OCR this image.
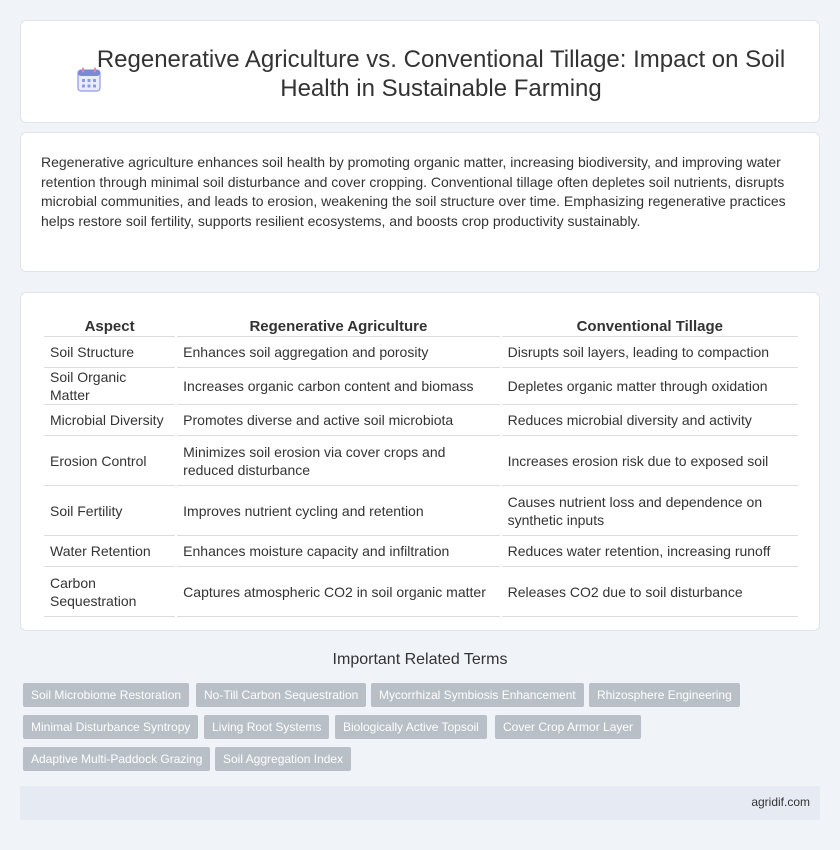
Regenerative Agriculture vs. Conventional Tillage: Impact on Soil Health in Sustainable Farming

Regenerative agriculture enhances soil health by promoting organic matter, increasing biodiversity, and improving water retention through minimal soil disturbance and cover cropping. Conventional tillage often depletes soil nutrients, disrupts microbial communities, and leads to erosion, weakening the soil structure over time. Emphasizing regenerative practices helps restore soil fertility, supports resilient ecosystems, and boosts crop productivity sustainably.

Aspect	Regenerative Agriculture	Conventional Tillage
Soil Structure	Enhances soil aggregation and porosity	Disrupts soil layers, leading to compaction
Soil Organic Matter	Increases organic carbon content and biomass	Depletes organic matter through oxidation
Microbial Diversity	Promotes diverse and active soil microbiota	Reduces microbial diversity and activity
Erosion Control	Minimizes soil erosion via cover crops and reduced disturbance	Increases erosion risk due to exposed soil
Soil Fertility	Improves nutrient cycling and retention	Causes nutrient loss and dependence on synthetic inputs
Water Retention	Enhances moisture capacity and infiltration	Reduces water retention, increasing runoff
Carbon Sequestration	Captures atmospheric CO2 in soil organic matter	Releases CO2 due to soil disturbance
Important Related Terms
Soil Microbiome Restoration	No-Till Carbon Sequestration	Mycorrhizal Symbiosis Enhancement	Rhizosphere Engineering
Minimal Disturbance Syntropy	Living Root Systems	Biologically Active Topsoil	Cover Crop Armor Layer
Adaptive Multi-Paddock Grazing	Soil Aggregation Index
agridif.com
